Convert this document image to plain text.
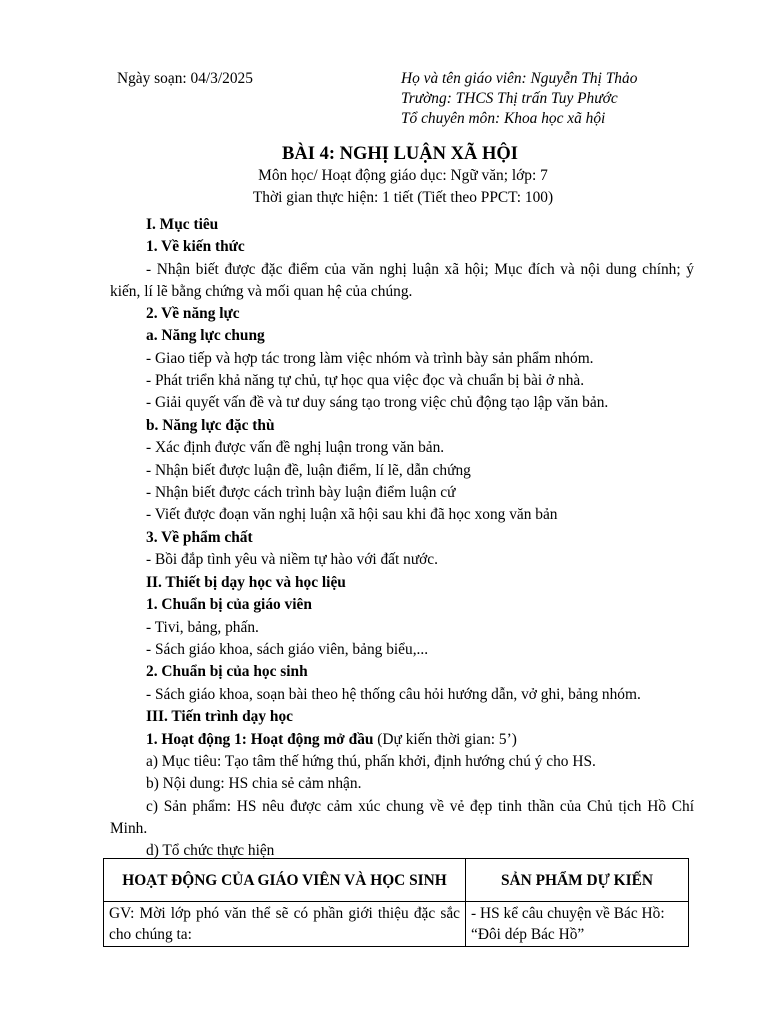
Ngày soạn: 04/3/2025	Họ và tên giáo viên: Nguyễn Thị Thảo
Trường: THCS Thị trấn Tuy Phước
Tổ chuyên môn: Khoa học xã hội
BÀI 4: NGHỊ LUẬN XÃ HỘI
Môn học/ Hoạt động giáo dục: Ngữ văn; lớp: 7
Thời gian thực hiện: 1 tiết (Tiết theo PPCT: 100)

I. Mục tiêu

1. Về kiến thức

- Nhận biết được đặc điểm của văn nghị luận xã hội; Mục đích và nội dung chính; ý kiến, lí lẽ bằng chứng và mối quan hệ của chúng.

2. Về năng lực

a. Năng lực chung

- Giao tiếp và hợp tác trong làm việc nhóm và trình bày sản phẩm nhóm.

- Phát triển khả năng tự chủ, tự học qua việc đọc và chuẩn bị bài ở nhà.

- Giải quyết vấn đề và tư duy sáng tạo trong việc chủ động tạo lập văn bản.

b. Năng lực đặc thù

- Xác định được vấn đề nghị luận trong văn bản.

- Nhận biết được luận đề, luận điểm, lí lẽ, dẫn chứng

- Nhận biết được cách trình bày luận điểm luận cứ

- Viết được đoạn văn nghị luận xã hội sau khi đã học xong văn bản

3. Về phẩm chất

- Bồi đắp tình yêu và niềm tự hào với đất nước.

II. Thiết bị dạy học và học liệu

1. Chuẩn bị của giáo viên

- Tivi, bảng, phấn.

- Sách giáo khoa, sách giáo viên, bảng biểu,...

2. Chuẩn bị của học sinh

- Sách giáo khoa, soạn bài theo hệ thống câu hỏi hướng dẫn, vở ghi, bảng nhóm.

III. Tiến trình dạy học

1. Hoạt động 1: Hoạt động mở đầu (Dự kiến thời gian: 5’)

a) Mục tiêu: Tạo tâm thế hứng thú, phấn khởi, định hướng chú ý cho HS.

b) Nội dung: HS chia sẻ cảm nhận.

c) Sản phẩm: HS nêu được cảm xúc chung về vẻ đẹp tinh thần của Chủ tịch Hồ Chí Minh.

d) Tổ chức thực hiện

HOẠT ĐỘNG CỦA GIÁO VIÊN VÀ HỌC SINH	SẢN PHẨM DỰ KIẾN
GV: Mời lớp phó văn thể sẽ có phần giới thiệu đặc sắc cho chúng ta:	- HS kể câu chuyện về Bác Hồ: “Đôi dép Bác Hồ”
